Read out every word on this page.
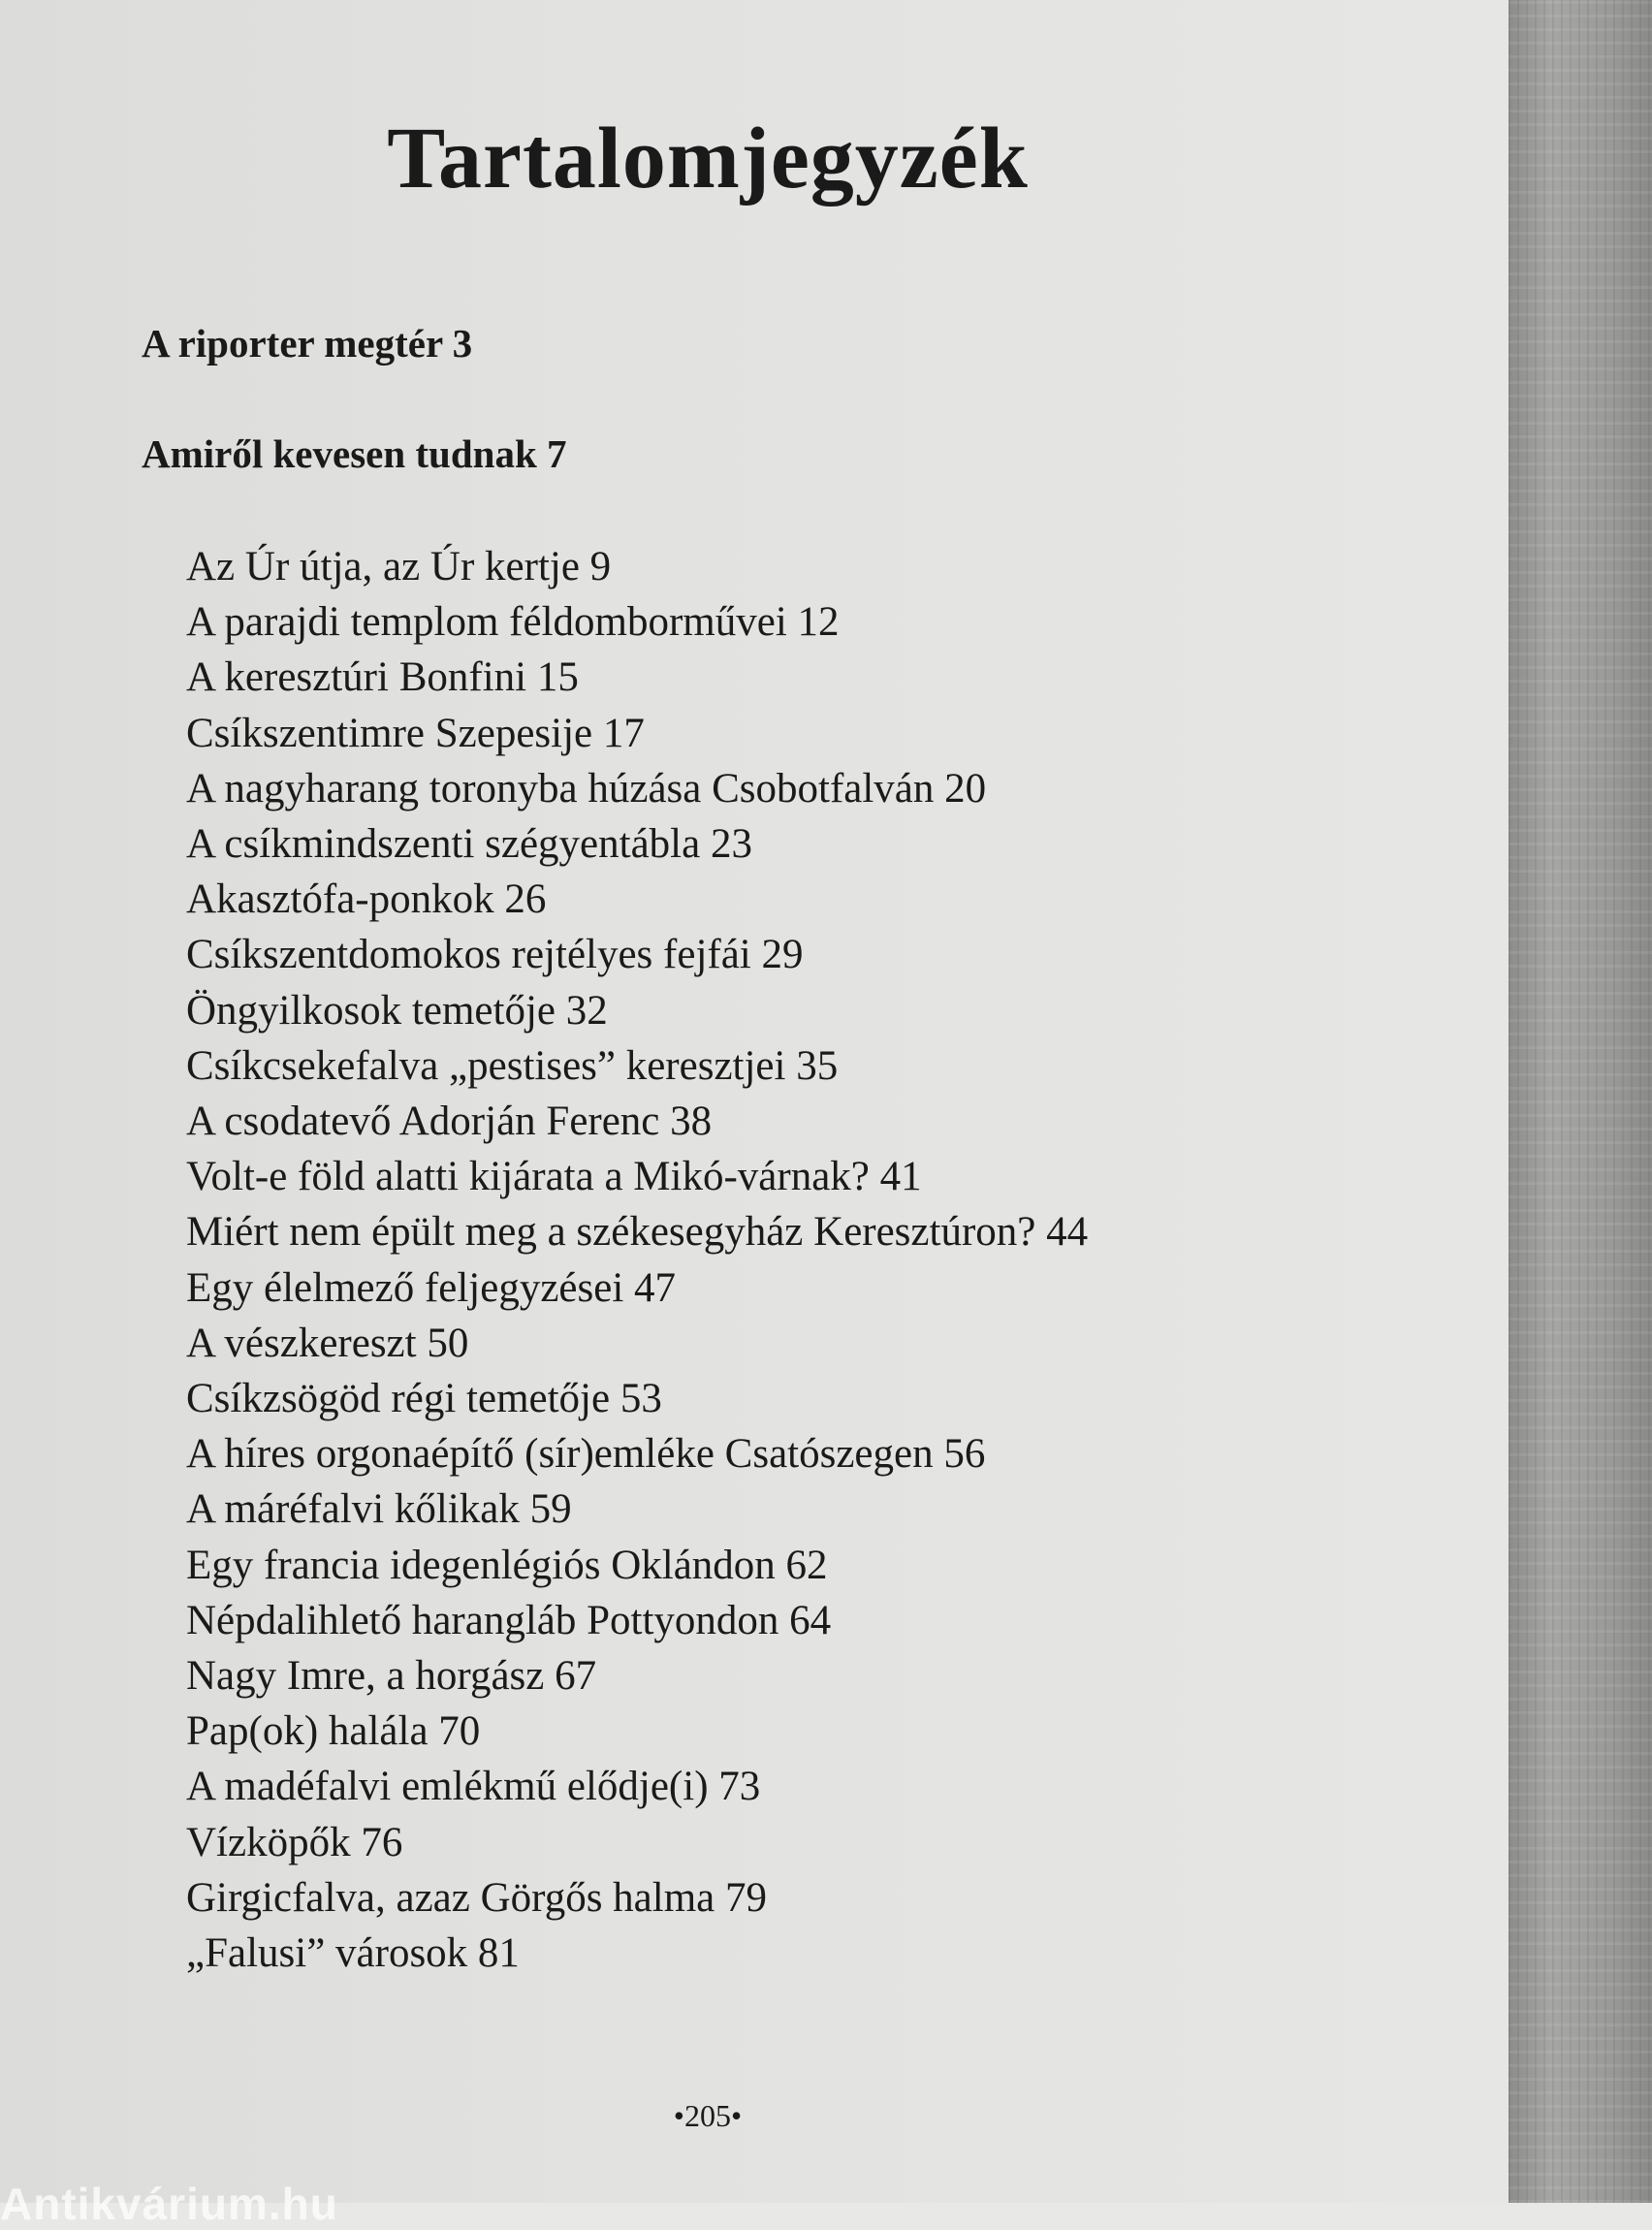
Tartalomjegyzék

A riporter megtér 3

Amiről kevesen tudnak 7

Az Úr útja, az Úr kertje 9
A parajdi templom féldomborművei 12
A keresztúri Bonfini 15
Csíkszentimre Szepesije 17
A nagyharang toronyba húzása Csobotfalván 20
A csíkmindszenti szégyentábla 23
Akasztófa-ponkok 26
Csíkszentdomokos rejtélyes fejfái 29
Öngyilkosok temetője 32
Csíkcsekefalva „pestises” keresztjei 35
A csodatevő Adorján Ferenc 38
Volt-e föld alatti kijárata a Mikó-várnak? 41
Miért nem épült meg a székesegyház Keresztúron? 44
Egy élelmező feljegyzései 47
A vészkereszt 50
Csíkzsögöd régi temetője 53
A híres orgonaépítő (sír)emléke Csatószegen 56
A máréfalvi kőlikak 59
Egy francia idegenlégiós Oklándon 62
Népdalihlető harangláb Pottyondon 64
Nagy Imre, a horgász 67
Pap(ok) halála 70
A madéfalvi emlékmű elődje(i) 73
Vízköpők 76
Girgicfalva, azaz Görgős halma 79
„Falusi” városok 81
•205•
Antikvárium.hu
